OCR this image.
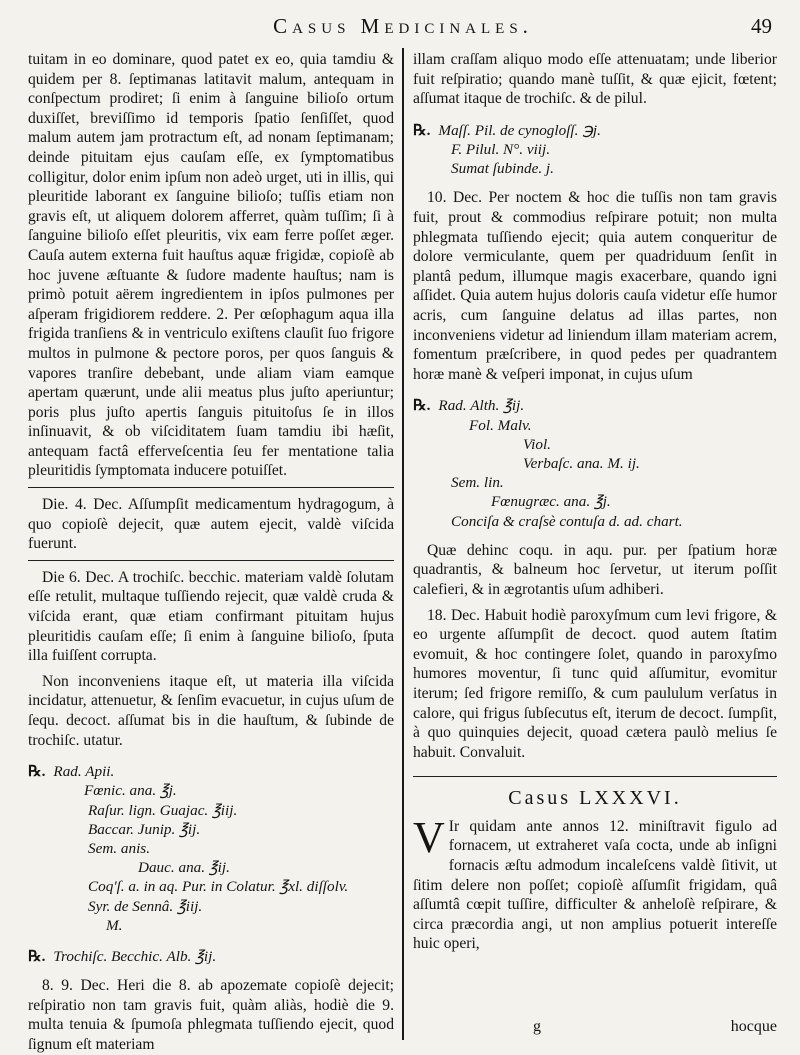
Casus Medicinales.	49

tuitam in eo dominare, quod patet ex eo, quia tamdiu & quidem per 8. ſeptimanas latitavit malum, antequam in conſpectum prodiret; ſi enim à ſanguine bilioſo ortum duxiſſet, breviſſimo id temporis ſpatio ſenſiſſet, quod malum autem jam protractum eſt, ad nonam ſeptimanam; deinde pituitam ejus cauſam eſſe, ex ſymptomatibus colligitur, dolor enim ipſum non adeò urget, uti in illis, qui pleuritide laborant ex ſanguine bilioſo; tuſſis etiam non gravis eſt, ut aliquem dolorem afferret, quàm tuſſim; ſi à ſanguine bilioſo eſſet pleuritis, vix eam ferre poſſet æger. Cauſa autem externa fuit hauſtus aquæ frigidæ, copioſè ab hoc juvene æſtuante & ſudore madente hauſtus; nam is primò potuit aërem ingredientem in ipſos pulmones per aſperam frigidiorem reddere. 2. Per œſophagum aqua illa frigida tranſiens & in ventriculo exiſtens clauſit ſuo frigore multos in pulmone & pectore poros, per quos ſanguis & vapores tranſire debebant, unde aliam viam eamque apertam quærunt, unde alii meatus plus juſto aperiuntur; poris plus juſto apertis ſanguis pituitoſus ſe in illos inſinuavit, & ob viſciditatem ſuam tamdiu ibi hæſit, antequam factâ efferveſcentia ſeu fer mentatione talia pleuritidis ſymptomata inducere potuiſſet.

Die. 4. Dec. Aſſumpſit medicamentum hydragogum, à quo copioſè dejecit, quæ autem ejecit, valdè viſcida fuerunt.

Die 6. Dec. A trochiſc. becchic. materiam valdè ſolutam eſſe retulit, multaque tuſſiendo rejecit, quæ valdè cruda & viſcida erant, quæ etiam confirmant pituitam hujus pleuritidis cauſam eſſe; ſi enim à ſanguine bilioſo, ſputa illa fuiſſent corrupta.

Non inconveniens itaque eſt, ut materia illa viſcida incidatur, attenuetur, & ſenſim evacuetur, in cujus uſum de ſequ. decoct. aſſumat bis in die hauſtum, & ſubinde de trochiſc. utatur.

℞. Rad. Apii.
Fœnic. ana. ℥j.
Raſur. lign. Guajac. ℥iij.
Baccar. Junip. ℥ij.
Sem. anis.
Dauc. ana. ℥ij.
Coq'ſ. a. in aq. Pur. in Colatur. ℥xl. diſſolv.
Syr. de Sennâ. ℥iij.
M.
℞. Trochiſc. Becchic. Alb. ℥ij.

8. 9. Dec. Heri die 8. ab apozemate copioſè dejecit; reſpiratio non tam gravis fuit, quàm aliàs, hodiè die 9. multa tenuia & ſpumoſa phlegmata tuſſiendo ejecit, quod ſignum eſt materiam

illam craſſam aliquo modo eſſe attenuatam; unde liberior fuit reſpiratio; quando manè tuſſit, & quæ ejicit, fœtent; aſſumat itaque de trochiſc. & de pilul.

℞. Maſſ. Pil. de cynogloſſ. ℈j.
F. Pilul. N°. viij.
Sumat ſubinde. j.

10. Dec. Per noctem & hoc die tuſſis non tam gravis fuit, prout & commodius reſpirare potuit; non multa phlegmata tuſſiendo ejecit; quia autem conqueritur de dolore vermiculante, quem per quadriduum ſenſit in plantâ pedum, illumque magis exacerbare, quando igni aſſidet. Quia autem hujus doloris cauſa videtur eſſe humor acris, cum ſanguine delatus ad illas partes, non inconveniens videtur ad liniendum illam materiam acrem, fomentum præſcribere, in quod pedes per quadrantem horæ manè & veſperi imponat, in cujus uſum

℞. Rad. Alth. ℥ij.
Fol. Malv.
Viol.
Verbaſc. ana. M. ij.
Sem. lin.
Fœnugræc. ana. ℥j.
Conciſa & craſsè contuſa d. ad. chart.

Quæ dehinc coqu. in aqu. pur. per ſpatium horæ quadrantis, & balneum hoc ſervetur, ut iterum poſſit calefieri, & in ægrotantis uſum adhiberi.

18. Dec. Habuit hodiè paroxyſmum cum levi frigore, & eo urgente aſſumpſit de decoct. quod autem ſtatim evomuit, & hoc contingere ſolet, quando in paroxyſmo humores moventur, ſi tunc quid aſſumitur, evomitur iterum; ſed frigore remiſſo, & cum paululum verſatus in calore, qui frigus ſubſecutus eſt, iterum de decoct. ſumpſit, à quo quinquies dejecit, quoad cætera paulò melius ſe habuit. Convaluit.

Casus LXXXVI.

V Ir quidam ante annos 12. miniſtravit figulo ad fornacem, ut extraheret vaſa cocta, unde ab inſigni fornacis æſtu admodum incaleſcens valdè ſitivit, ut ſitim delere non poſſet; copioſè aſſumſit frigidam, quâ aſſumtâ cœpit tuſſire, difficulter & anheloſè reſpirare, & circa præcordia angi, ut non amplius potuerit intereſſe huic operi,

g	hocque
